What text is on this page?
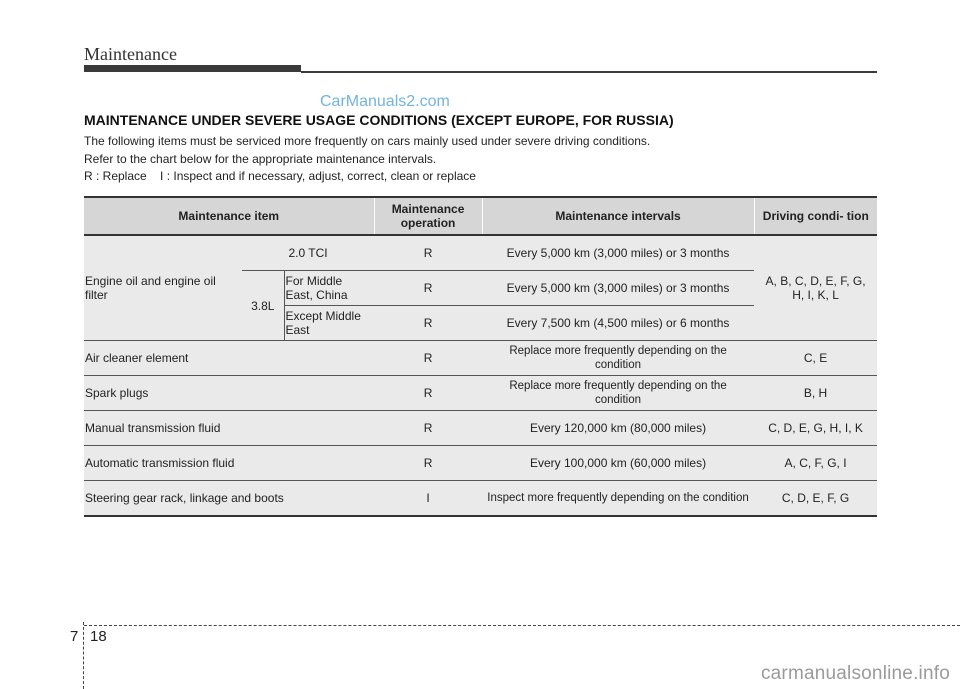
Maintenance
CarManuals2.com
MAINTENANCE UNDER SEVERE USAGE CONDITIONS (EXCEPT EUROPE, FOR RUSSIA)

The following items must be serviced more frequently on cars mainly used under severe driving conditions.

Refer to the chart below for the appropriate maintenance intervals.

R : Replace    I : Inspect and if necessary, adjust, correct, clean or replace

Maintenance item			Maintenance operation	Maintenance intervals	Driving condi- tion
Engine oil and engine oil filter	2.0 TCI		R	Every 5,000 km (3,000 miles) or 3 months	A, B, C, D, E, F, G, H, I, K, L
	3.8L	For Middle East, China	R	Every 5,000 km (3,000 miles) or 3 months	
		Except Middle East	R	Every 7,500 km (4,500 miles) or 6 months	
Air cleaner element			R	Replace more frequently depending on the condition	C, E
Spark plugs			R	Replace more frequently depending on the condition	B, H
Manual transmission fluid			R	Every 120,000 km (80,000 miles)	C, D, E, G, H, I, K
Automatic transmission fluid			R	Every 100,000 km (60,000 miles)	A, C, F, G, I
Steering gear rack, linkage and boots			I	Inspect more frequently depending on the condition	C, D, E, F, G
7 18
carmanualsonline.info
